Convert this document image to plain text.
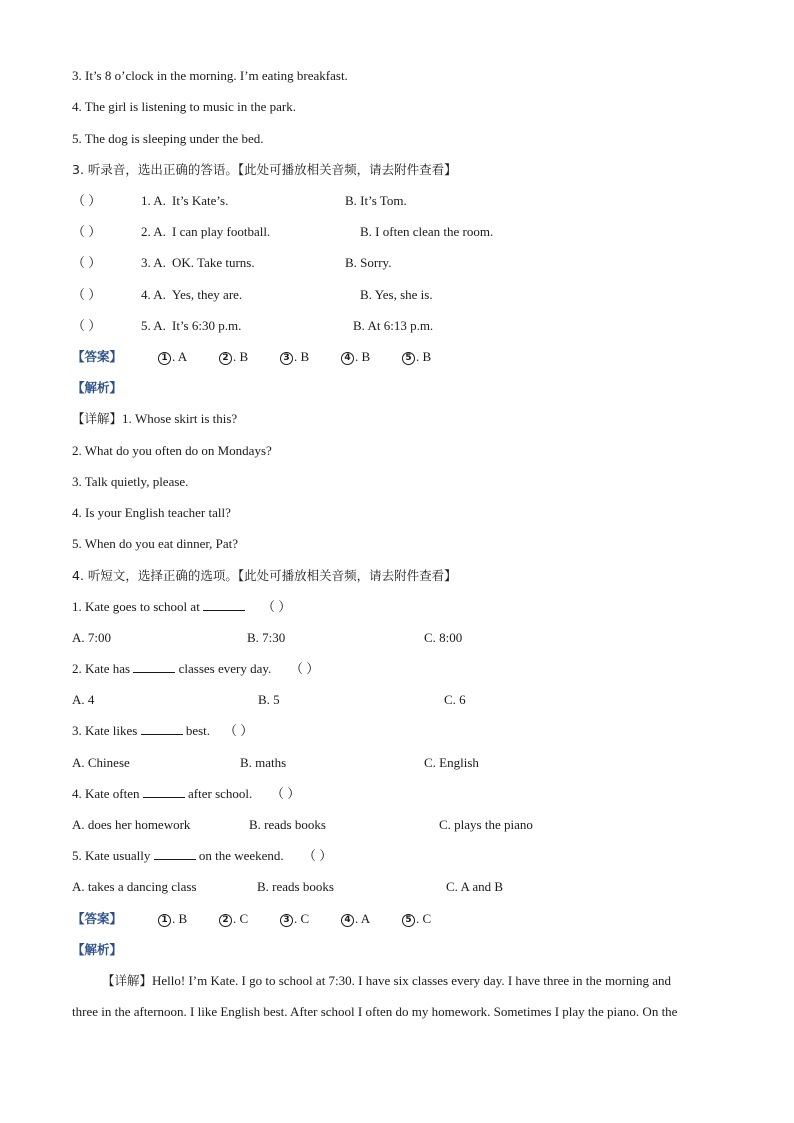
3. It’s 8 o’clock in the morning. I’m eating breakfast.
4. The girl is listening to music in the park.
5. The dog is sleeping under the bed.
3. 听录音，选出正确的答语。【此处可播放相关音频，请去附件查看】
（ ）	1. A. It’s Kate’s.	B. It’s Tom.
（ ）	2. A. I can play football.	B. I often clean the room.
（ ）	3. A. OK. Take turns.	B. Sorry.
（ ）	4. A. Yes, they are.	B. Yes, she is.
（ ）	5. A. It’s 6:30 p.m.	B. At 6:13 p.m.
【答案】	1 . A	2 . B	3 . B	4 . B	5 . B
【解析】
【详解】1. Whose skirt is this?
2. What do you often do on Mondays?
3. Talk quietly, please.
4. Is your English teacher tall?
5. When do you eat dinner, Pat?
4. 听短文，选择正确的选项。【此处可播放相关音频，请去附件查看】
1. Kate goes to school at	（ ）
A. 7:00	B. 7:30	C. 8:00
2. Kate has	classes every day. （ ）
A. 4	B. 5	C. 6
3. Kate likes	best. （ ）
A. Chinese	B. maths	C. English
4. Kate often	after school. （ ）
A. does her homework	B. reads books	C. plays the piano
5. Kate usually	on the weekend. （ ）
A. takes a dancing class	B. reads books	C. A and B
【答案】	1 . B	2 . C	3 . C	4 . A	5 . C
【解析】
【详解】Hello! I’m Kate. I go to school at 7:30. I have six classes every day. I have three in the morning and
three in the afternoon. I like English best. After school I often do my homework. Sometimes I play the piano. On the
